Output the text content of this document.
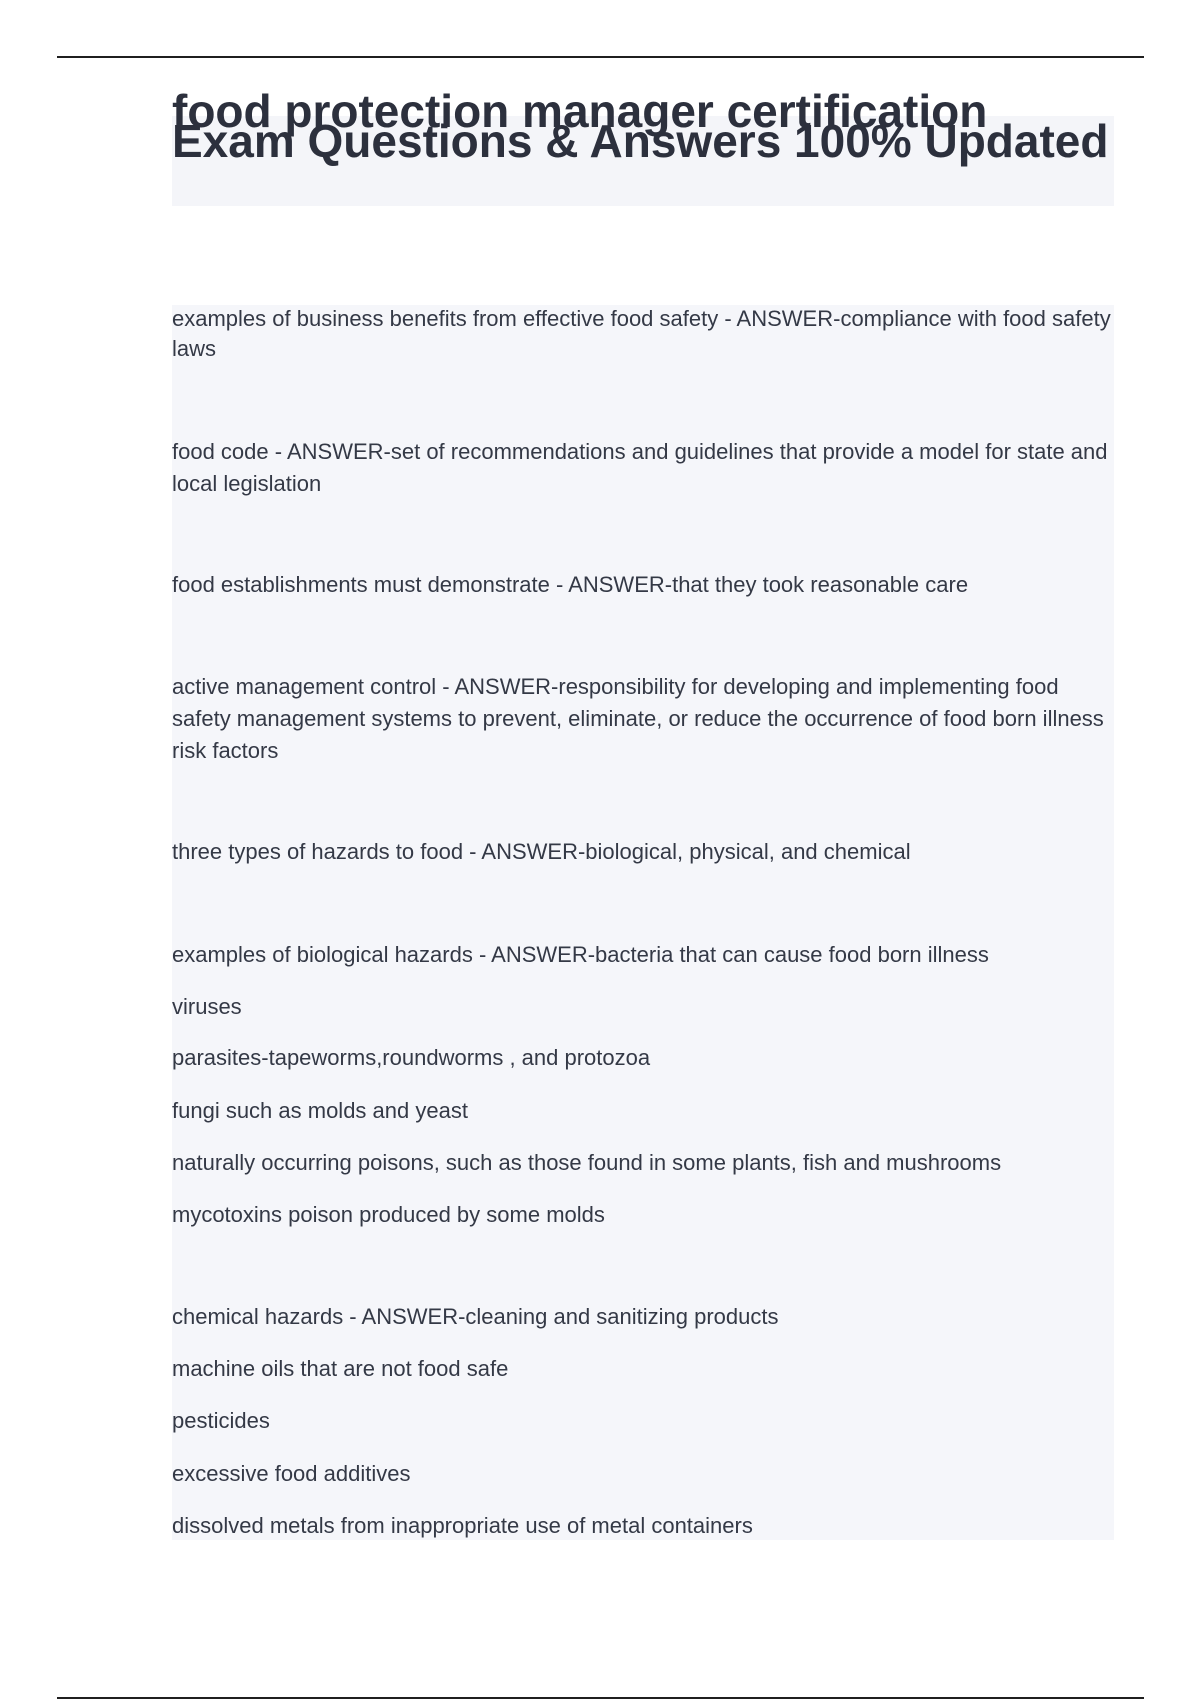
food protection manager certification Exam Questions & Answers 100% Updated

examples of business benefits from effective food safety - ANSWER-compliance with food safety laws

food code - ANSWER-set of recommendations and guidelines that provide a model for state and local legislation

food establishments must demonstrate - ANSWER-that they took reasonable care

active management control - ANSWER-responsibility for developing and implementing food safety management systems to prevent, eliminate, or reduce the occurrence of food born illness risk factors

three types of hazards to food - ANSWER-biological, physical, and chemical

examples of biological hazards - ANSWER-bacteria that can cause food born illness

viruses

parasites-tapeworms,roundworms , and protozoa

fungi such as molds and yeast

naturally occurring poisons, such as those found in some plants, fish and mushrooms

mycotoxins poison produced by some molds

chemical hazards - ANSWER-cleaning and sanitizing products

machine oils that are not food safe

pesticides

excessive food additives

dissolved metals from inappropriate use of metal containers
